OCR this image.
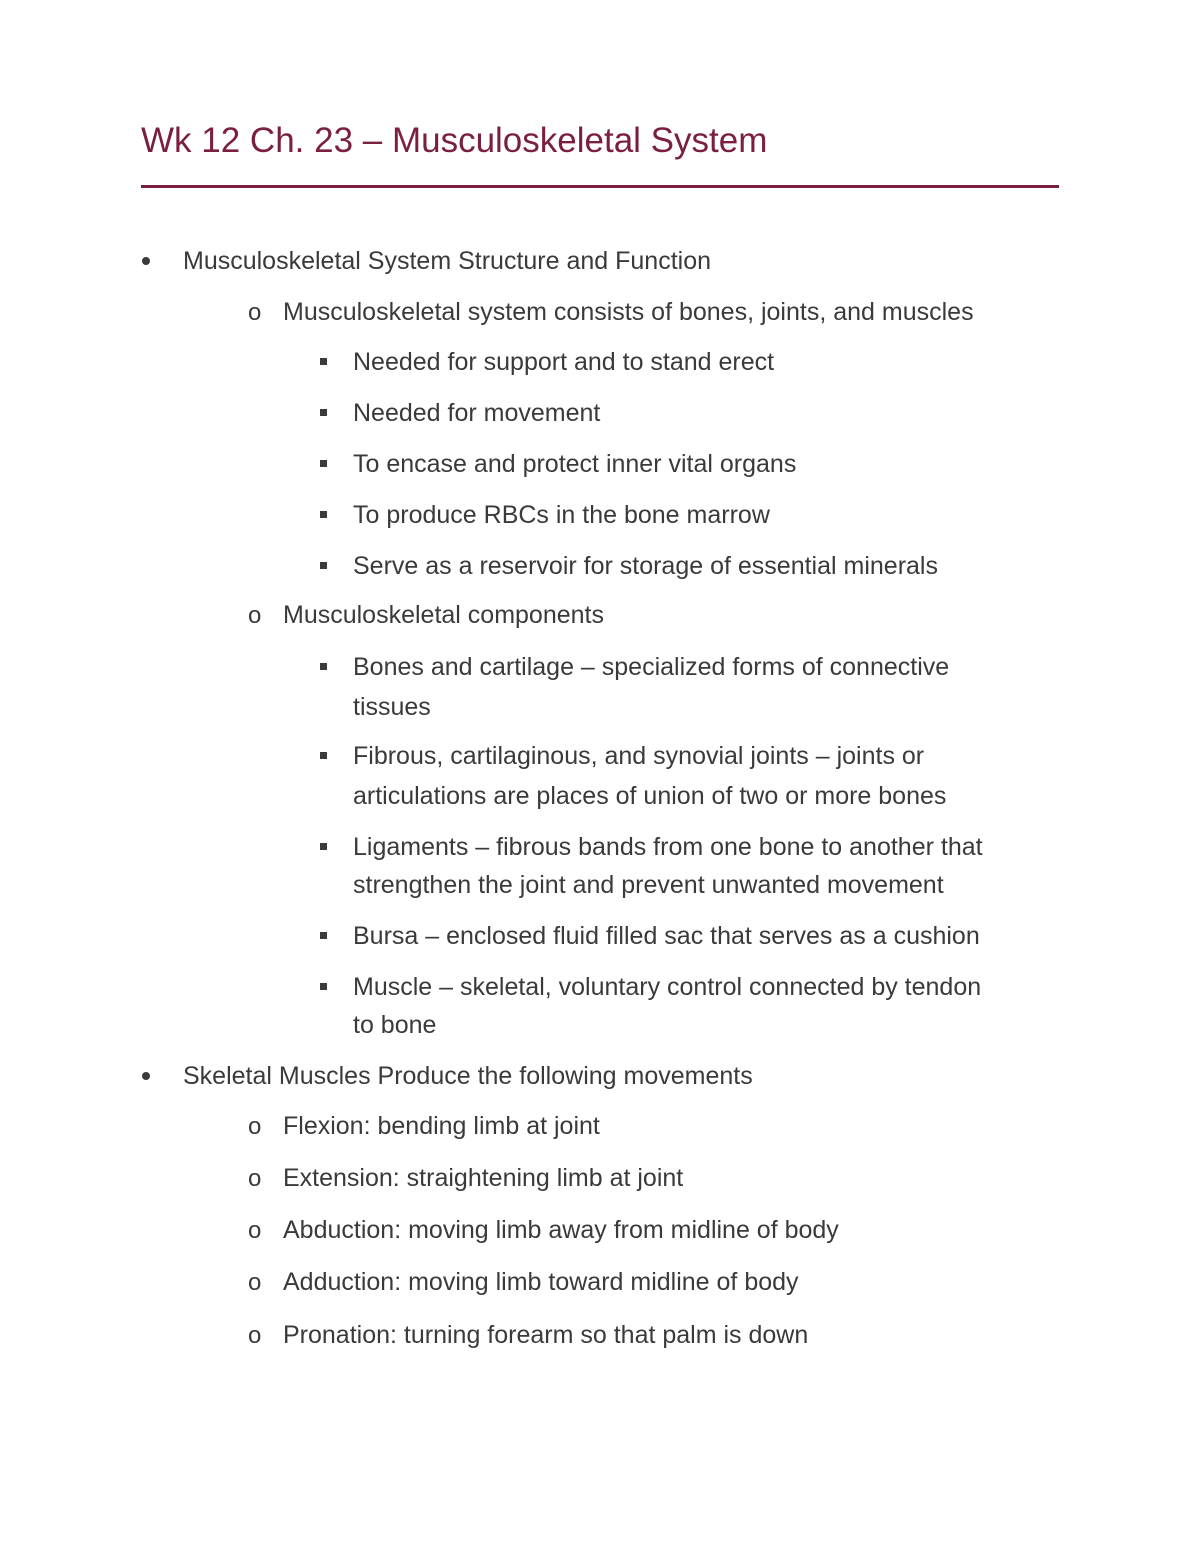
Wk 12 Ch. 23 – Musculoskeletal System
Musculoskeletal System Structure and Function
o Musculoskeletal system consists of bones, joints, and muscles
Needed for support and to stand erect
Needed for movement
To encase and protect inner vital organs
To produce RBCs in the bone marrow
Serve as a reservoir for storage of essential minerals
o Musculoskeletal components
Bones and cartilage – specialized forms of connective
tissues
Fibrous, cartilaginous, and synovial joints – joints or
articulations are places of union of two or more bones
Ligaments – fibrous bands from one bone to another that
strengthen the joint and prevent unwanted movement
Bursa – enclosed fluid filled sac that serves as a cushion
Muscle – skeletal, voluntary control connected by tendon
to bone
Skeletal Muscles Produce the following movements
o Flexion: bending limb at joint
o Extension: straightening limb at joint
o Abduction: moving limb away from midline of body
o Adduction: moving limb toward midline of body
o Pronation: turning forearm so that palm is down
